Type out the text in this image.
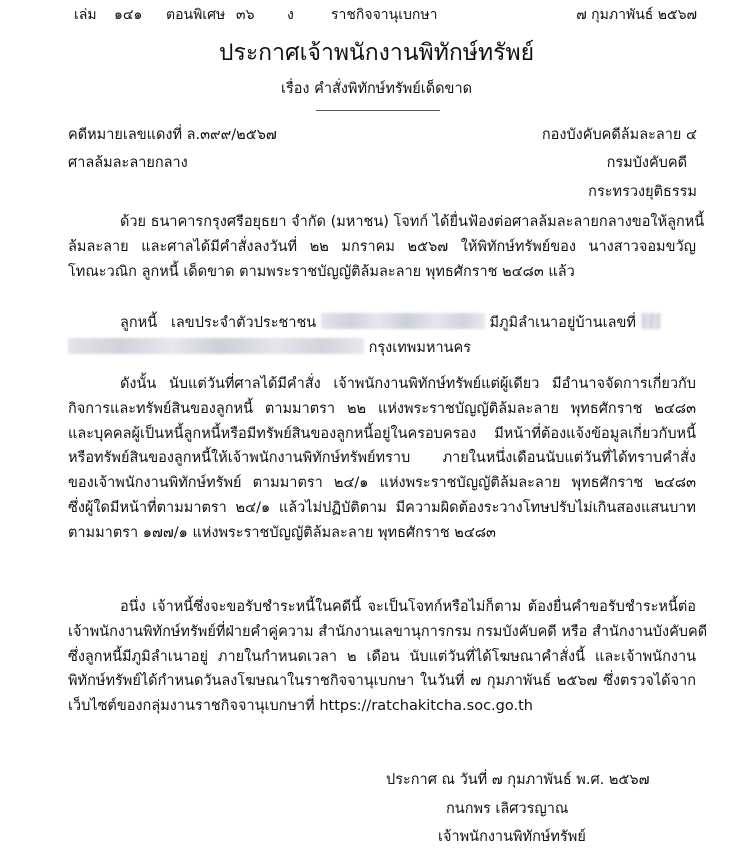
เล่ม ๑๔๑ ตอนพิเศษ ๓๖ ง	ราชกิจจานุเบกษา	๗ กุมภาพันธ์ ๒๕๖๗
ประกาศเจ้าพนักงานพิทักษ์ทรัพย์
เรื่อง คำสั่งพิทักษ์ทรัพย์เด็ดขาด
คดีหมายเลขแดงที่ ล.๓๙๙/๒๕๖๗
ศาลล้มละลายกลาง
กองบังคับคดีล้มละลาย ๔
กรมบังคับคดี
กระทรวงยุติธรรม
ด้วย ธนาคารกรุงศรีอยุธยา จำกัด (มหาชน) โจทก์ ได้ยื่นฟ้องต่อศาลล้มละลายกลางขอให้ลูกหนี้
ล้มละลาย และศาลได้มีคำสั่งลงวันที่ ๒๒ มกราคม ๒๕๖๗ ให้พิทักษ์ทรัพย์ของ นางสาวจอมขวัญ
โทณะวณิก ลูกหนี้ เด็ดขาด ตามพระราชบัญญัติล้มละลาย พุทธศักราช ๒๔๘๓ แล้ว
ลูกหนี้ เลขประจำตัวประชาชน	มีภูมิลำเนาอยู่บ้านเลขที่
กรุงเทพมหานคร
ดังนั้น นับแต่วันที่ศาลได้มีคำสั่ง เจ้าพนักงานพิทักษ์ทรัพย์แต่ผู้เดียว มีอำนาจจัดการเกี่ยวกับ
กิจการและทรัพย์สินของลูกหนี้ ตามมาตรา ๒๒ แห่งพระราชบัญญัติล้มละลาย พุทธศักราช ๒๔๘๓
และบุคคลผู้เป็นหนี้ลูกหนี้หรือมีทรัพย์สินของลูกหนี้อยู่ในครอบครอง มีหน้าที่ต้องแจ้งข้อมูลเกี่ยวกับหนี้
หรือทรัพย์สินของลูกหนี้ให้เจ้าพนักงานพิทักษ์ทรัพย์ทราบ ภายในหนึ่งเดือนนับแต่วันที่ได้ทราบคำสั่ง
ของเจ้าพนักงานพิทักษ์ทรัพย์ ตามมาตรา ๒๔/๑ แห่งพระราชบัญญัติล้มละลาย พุทธศักราช ๒๔๘๓
ซึ่งผู้ใดมีหน้าที่ตามมาตรา ๒๔/๑ แล้วไม่ปฏิบัติตาม มีความผิดต้องระวางโทษปรับไม่เกินสองแสนบาท
ตามมาตรา ๑๗๗/๑ แห่งพระราชบัญญัติล้มละลาย พุทธศักราช ๒๔๘๓
อนึ่ง เจ้าหนี้ซึ่งจะขอรับชำระหนี้ในคดีนี้ จะเป็นโจทก์หรือไม่ก็ตาม ต้องยื่นคำขอรับชำระหนี้ต่อ
เจ้าพนักงานพิทักษ์ทรัพย์ที่ฝ่ายคำคู่ความ สำนักงานเลขานุการกรม กรมบังคับคดี หรือ สำนักงานบังคับคดี
ซึ่งลูกหนี้มีภูมิลำเนาอยู่ ภายในกำหนดเวลา ๒ เดือน นับแต่วันที่ได้โฆษณาคำสั่งนี้ และเจ้าพนักงาน
พิทักษ์ทรัพย์ได้กำหนดวันลงโฆษณาในราชกิจจานุเบกษา ในวันที่ ๗ กุมภาพันธ์ ๒๕๖๗ ซึ่งตรวจได้จาก
เว็บไซต์ของกลุ่มงานราชกิจจานุเบกษาที่ https://ratchakitcha.soc.go.th
ประกาศ ณ วันที่ ๗ กุมภาพันธ์ พ.ศ. ๒๕๖๗
กนกพร เลิศวรญาณ
เจ้าพนักงานพิทักษ์ทรัพย์
